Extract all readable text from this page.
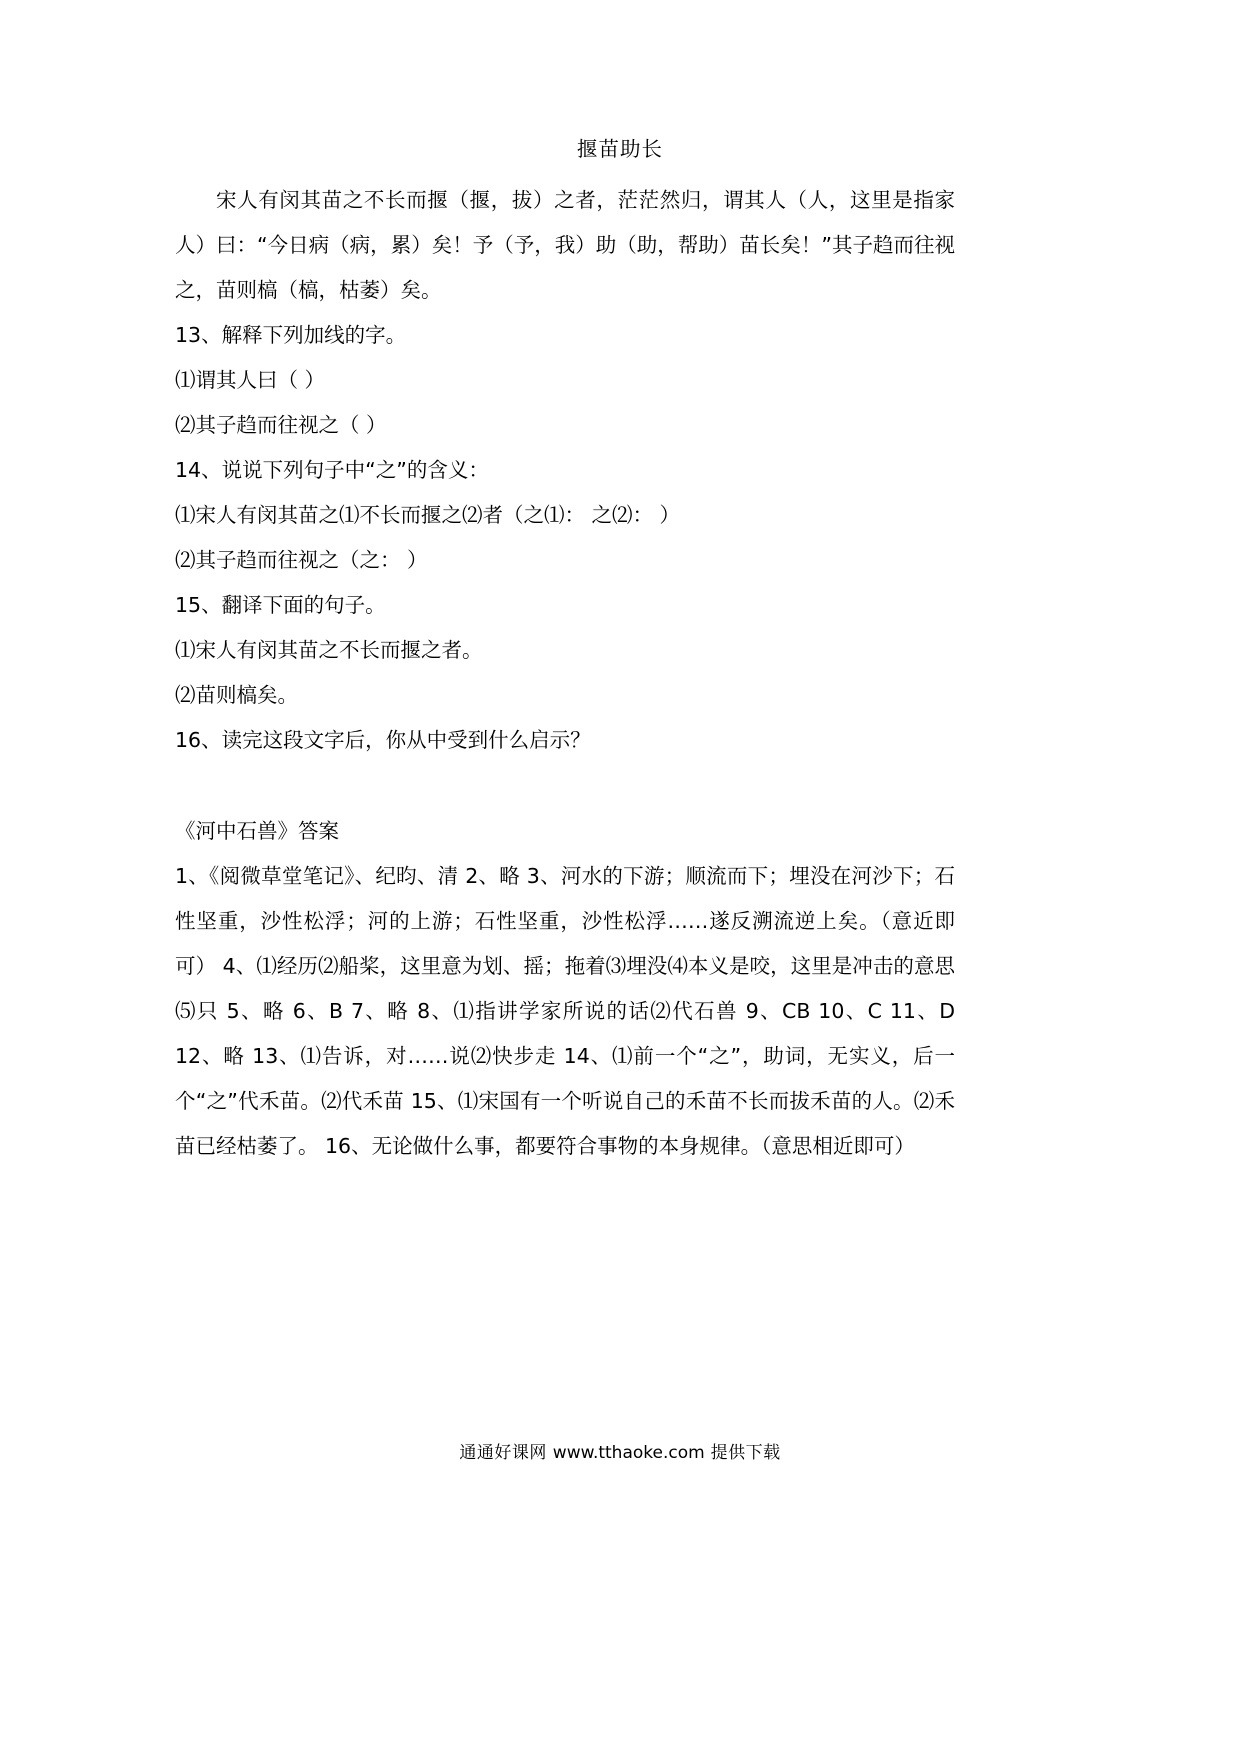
揠苗助长

宋人有闵其苗之不长而揠（揠，拔）之者，茫茫然归，谓其人（人，这里是指家人）曰：“今日病（病，累）矣！予（予，我）助（助，帮助）苗长矣！”其子趋而往视之，苗则槁（槁，枯萎）矣。

13、解释下列加线的字。

⑴谓其人曰（ ）

⑵其子趋而往视之（ ）

14、说说下列句子中“之”的含义：

⑴宋人有闵其苗之⑴不长而揠之⑵者（之⑴： 之⑵： ）

⑵其子趋而往视之（之： ）

15、翻译下面的句子。

⑴宋人有闵其苗之不长而揠之者。

⑵苗则槁矣。

16、读完这段文字后，你从中受到什么启示？

《河中石兽》答案

1、《阅微草堂笔记》、纪昀、清 2、略 3、河水的下游；顺流而下；埋没在河沙下；石性坚重，沙性松浮；河的上游；石性坚重，沙性松浮……遂反溯流逆上矣。（意近即可） 4、⑴经历⑵船桨，这里意为划、摇；拖着⑶埋没⑷本义是咬，这里是冲击的意思⑸只 5、略 6、B 7、略 8、⑴指讲学家所说的话⑵代石兽 9、CB 10、C 11、D 12、略 13、⑴告诉，对……说⑵快步走 14、⑴前一个“之”，助词，无实义，后一个“之”代禾苗。⑵代禾苗 15、⑴宋国有一个听说自己的禾苗不长而拔禾苗的人。⑵禾苗已经枯萎了。 16、无论做什么事，都要符合事物的本身规律。（意思相近即可）

通通好课网 www.tthaoke.com 提供下载
